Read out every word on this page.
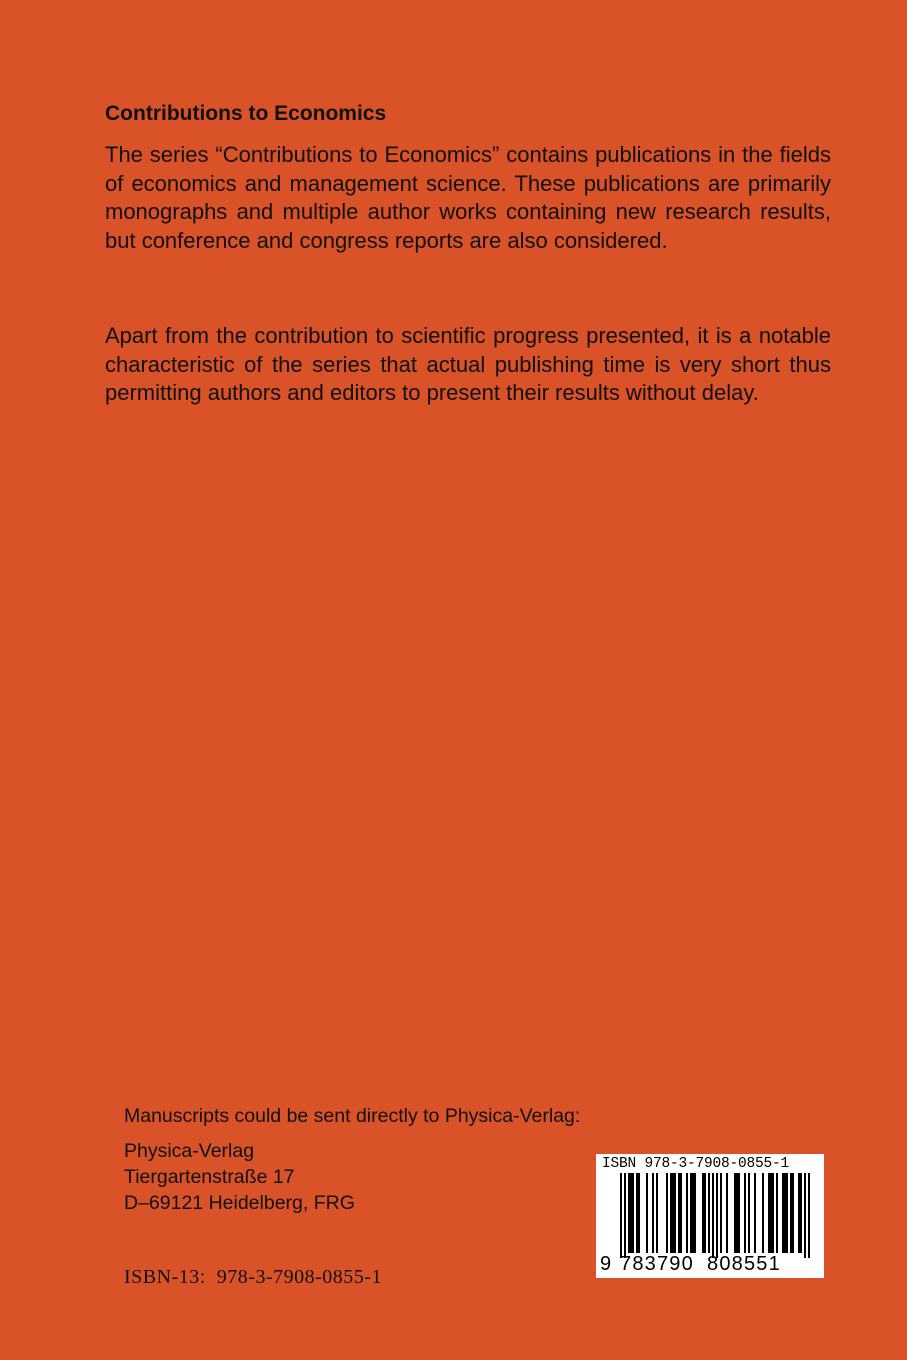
Contributions to Economics

The series “Contributions to Economics” contains publications in the fields of economics and management science. These publications are primarily monographs and multiple author works containing new research results, but conference and congress reports are also considered.

Apart from the contribution to scientific progress presented, it is a notable characteristic of the series that actual publishing time is very short thus permitting authors and editors to present their results without delay.

Manuscripts could be sent directly to Physica-Verlag:

Physica-Verlag
Tiergartenstraße 17
D–69121 Heidelberg, FRG

ISBN-13: 978-3-7908-0855-1

ISBN 978-3-7908-0855-1
9 783790 808551
